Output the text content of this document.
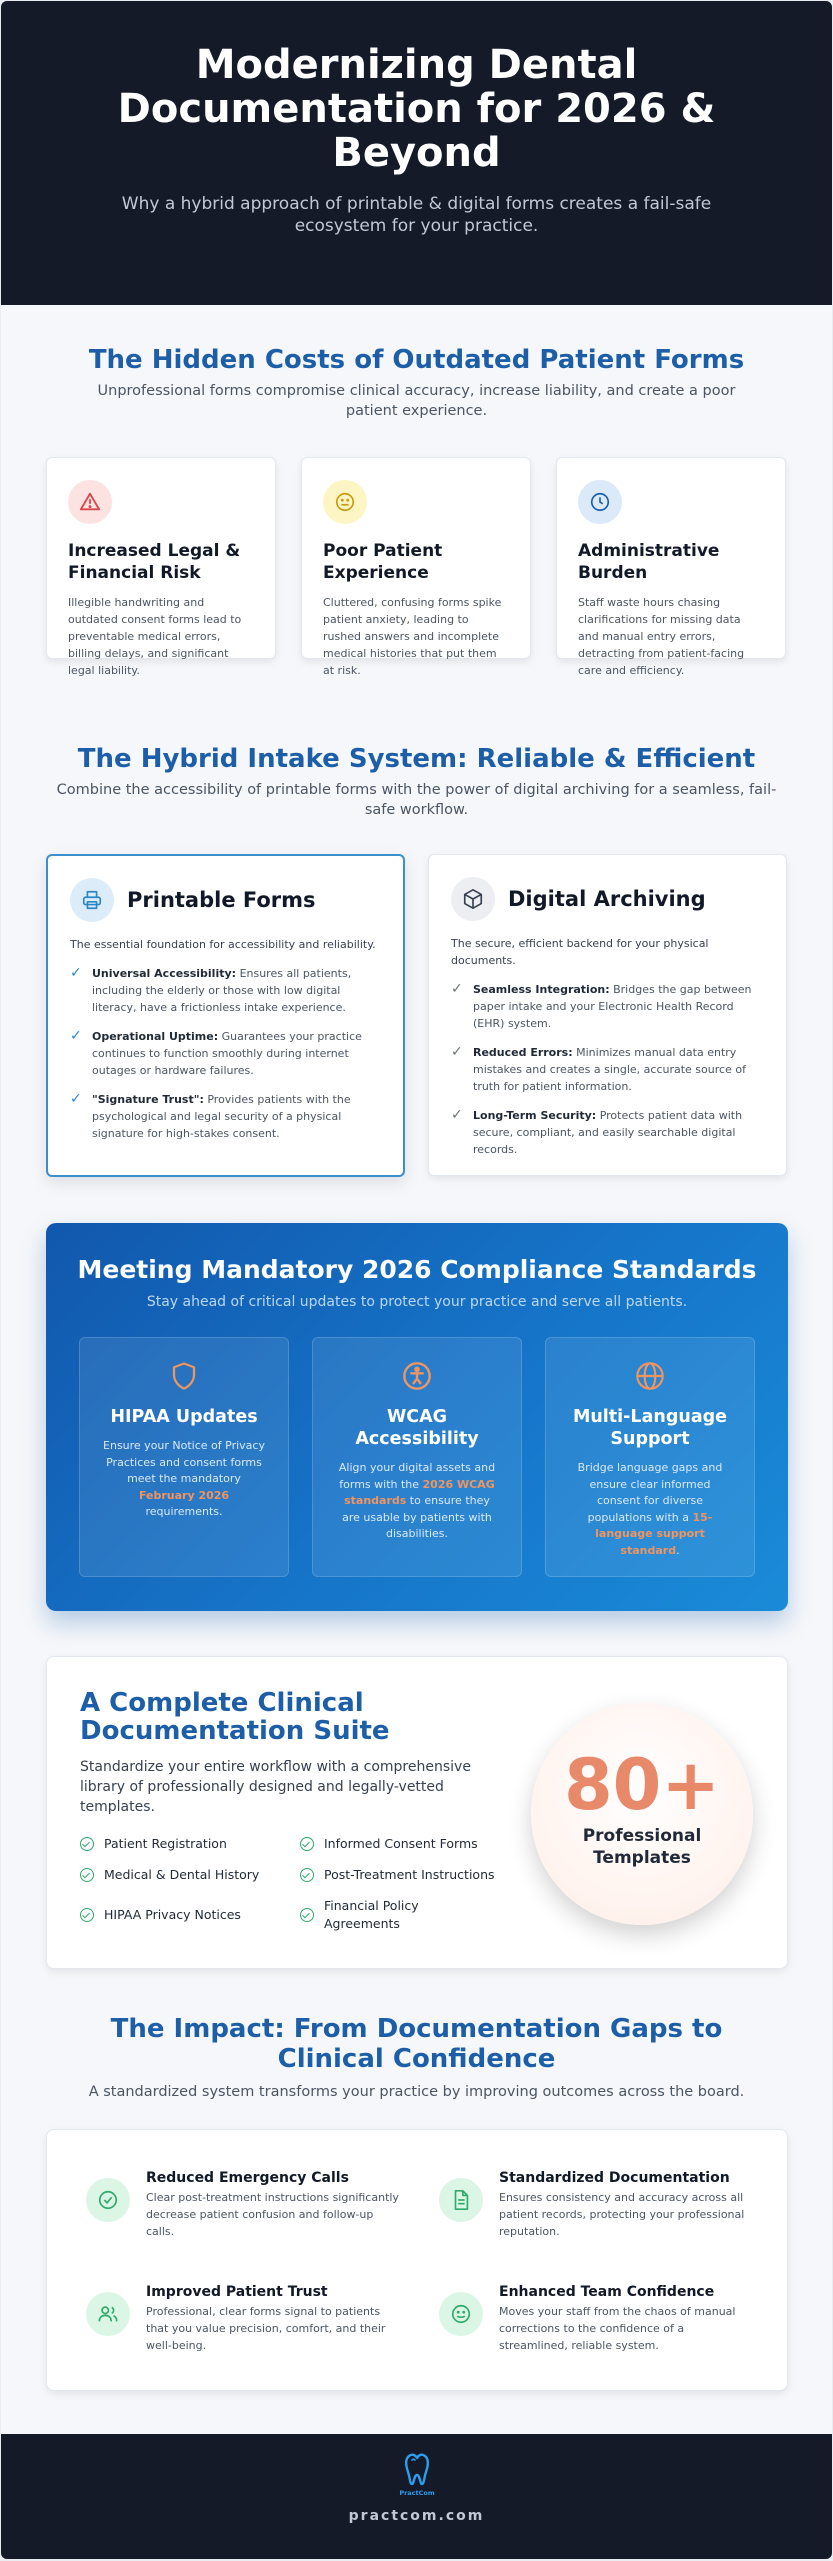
Modernizing Dental Documentation for 2026 & Beyond

Why a hybrid approach of printable & digital forms creates a fail-safe ecosystem for your practice.

The Hidden Costs of Outdated Patient Forms

Unprofessional forms compromise clinical accuracy, increase liability, and create a poor patient experience.

Increased Legal & Financial Risk

Illegible handwriting and outdated consent forms lead to preventable medical errors, billing delays, and significant legal liability.

Poor Patient Experience

Cluttered, confusing forms spike patient anxiety, leading to rushed answers and incomplete medical histories that put them at risk.

Administrative Burden

Staff waste hours chasing clarifications for missing data and manual entry errors, detracting from patient-facing care and efficiency.

The Hybrid Intake System: Reliable & Efficient

Combine the accessibility of printable forms with the power of digital archiving for a seamless, fail-safe workflow.

Printable Forms

The essential foundation for accessibility and reliability.

✓ Universal Accessibility: Ensures all patients, including the elderly or those with low digital literacy, have a frictionless intake experience.
✓ Operational Uptime: Guarantees your practice continues to function smoothly during internet outages or hardware failures.
✓ "Signature Trust": Provides patients with the psychological and legal security of a physical signature for high-stakes consent.
Digital Archiving

The secure, efficient backend for your physical documents.

✓ Seamless Integration: Bridges the gap between paper intake and your Electronic Health Record (EHR) system.
✓ Reduced Errors: Minimizes manual data entry mistakes and creates a single, accurate source of truth for patient information.
✓ Long-Term Security: Protects patient data with secure, compliant, and easily searchable digital records.
Meeting Mandatory 2026 Compliance Standards

Stay ahead of critical updates to protect your practice and serve all patients.

HIPAA Updates

Ensure your Notice of Privacy Practices and consent forms meet the mandatory February 2026 requirements.

WCAG Accessibility

Align your digital assets and forms with the 2026 WCAG standards to ensure they are usable by patients with disabilities.

Multi-Language Support

Bridge language gaps and ensure clear informed consent for diverse populations with a 15-language support standard.

A Complete Clinical Documentation Suite

Standardize your entire workflow with a comprehensive library of professionally designed and legally-vetted templates.

Patient Registration	Informed Consent Forms
Medical & Dental History	Post-Treatment Instructions
HIPAA Privacy Notices
Financial Policy Agreements
80+
Professional Templates
The Impact: From Documentation Gaps to Clinical Confidence

A standardized system transforms your practice by improving outcomes across the board.

Reduced Emergency Calls

Clear post-treatment instructions significantly decrease patient confusion and follow-up calls.

Standardized Documentation

Ensures consistency and accuracy across all patient records, protecting your professional reputation.

Improved Patient Trust

Professional, clear forms signal to patients that you value precision, comfort, and their well-being.

Enhanced Team Confidence

Moves your staff from the chaos of manual corrections to the confidence of a streamlined, reliable system.

PractCom
practcom.com
